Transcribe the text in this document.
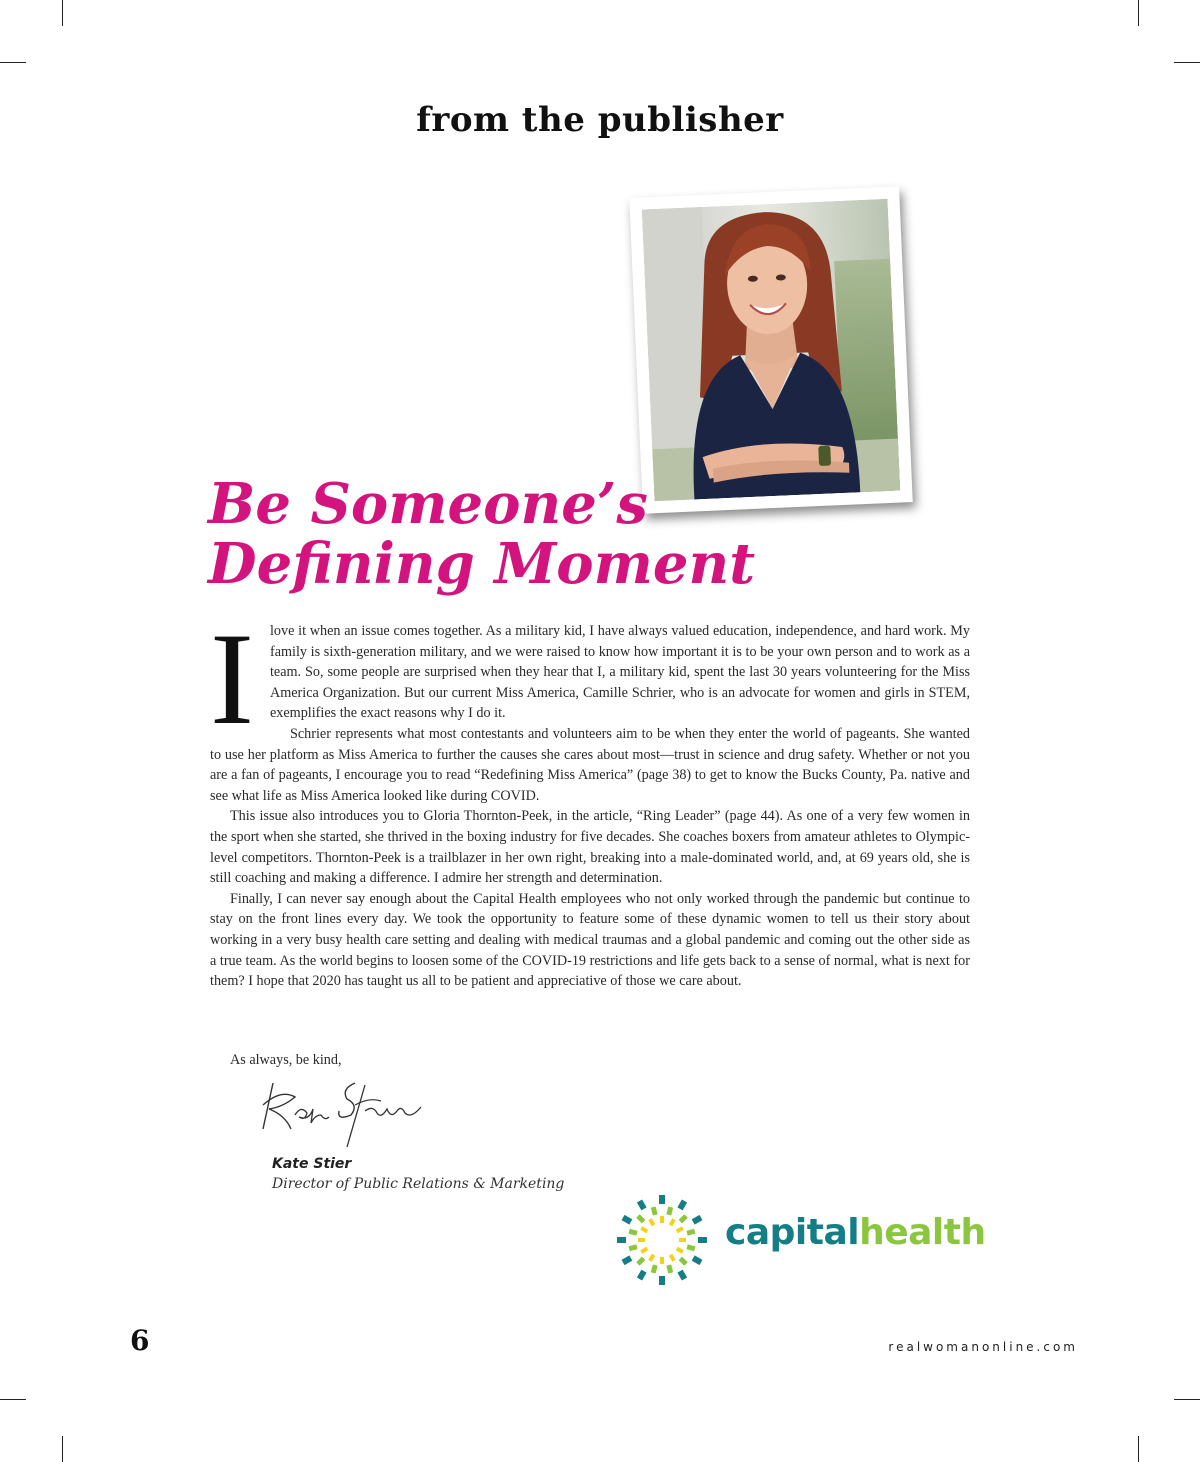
from the publisher
Be Someone’s
Defining Moment
I	love it when an issue comes together. As a military kid, I have always valued education, independence, and hard work. My family is sixth-generation military, and we were raised to know how important it is to be your own person and to work as a team. So, some people are surprised when they hear that I, a military kid, spent the last 30 years volunteering for the Miss America Organization. But our current Miss America, Camille Schrier, who is an advocate for women and girls in STEM, exemplifies the exact reasons why I do it.

Schrier represents what most contestants and volunteers aim to be when they enter the world of pageants. She wanted to use her platform as Miss America to further the causes she cares about most—trust in science and drug safety. Whether or not you are a fan of pageants, I encourage you to read “Redefining Miss America” (page 38) to get to know the Bucks County, Pa. native and see what life as Miss America looked like during COVID.

This issue also introduces you to Gloria Thornton-Peek, in the article, “Ring Leader” (page 44). As one of a very few women in the sport when she started, she thrived in the boxing industry for five decades. She coaches boxers from amateur athletes to Olympic-level competitors. Thornton-Peek is a trailblazer in her own right, breaking into a male-dominated world, and, at 69 years old, she is still coaching and making a difference. I admire her strength and determination.

Finally, I can never say enough about the Capital Health employees who not only worked through the pandemic but continue to stay on the front lines every day. We took the opportunity to feature some of these dynamic women to tell us their story about working in a very busy health care setting and dealing with medical traumas and a global pandemic and coming out the other side as a true team. As the world begins to loosen some of the COVID-19 restrictions and life gets back to a sense of normal, what is next for them? I hope that 2020 has taught us all to be patient and appreciative of those we care about.

As always, be kind,
Kate Stier
Director of Public Relations & Marketing
capitalhealth
6	realwomanonline.com
